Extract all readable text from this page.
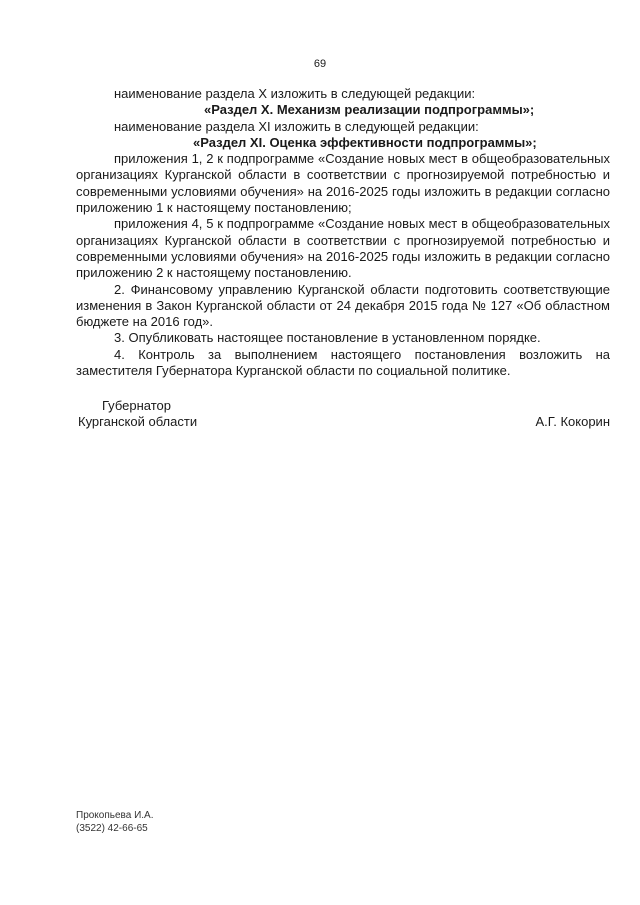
69

наименование раздела X изложить в следующей редакции:

«Раздел X. Механизм реализации подпрограммы»;

наименование раздела XI изложить в следующей редакции:

«Раздел XI. Оценка эффективности подпрограммы»;

приложения 1, 2 к подпрограмме «Создание новых мест в общеобразовательных организациях Курганской области в соответствии с прогнозируемой потребностью и современными условиями обучения» на 2016-2025 годы изложить в редакции согласно приложению 1 к настоящему постановлению;

приложения 4, 5 к подпрограмме «Создание новых мест в общеобразовательных организациях Курганской области в соответствии с прогнозируемой потребностью и современными условиями обучения» на 2016-2025 годы изложить в редакции согласно приложению 2 к настоящему постановлению.

2. Финансовому управлению Курганской области подготовить соответствующие изменения в Закон Курганской области от 24 декабря 2015 года № 127 «Об областном бюджете на 2016 год».

3. Опубликовать настоящее постановление в установленном порядке.

4. Контроль за выполнением настоящего постановления возложить на заместителя Губернатора Курганской области по социальной политике.

Губернатор
Курганской области	А.Г. Кокорин
Прокопьева И.А.
(3522) 42-66-65
